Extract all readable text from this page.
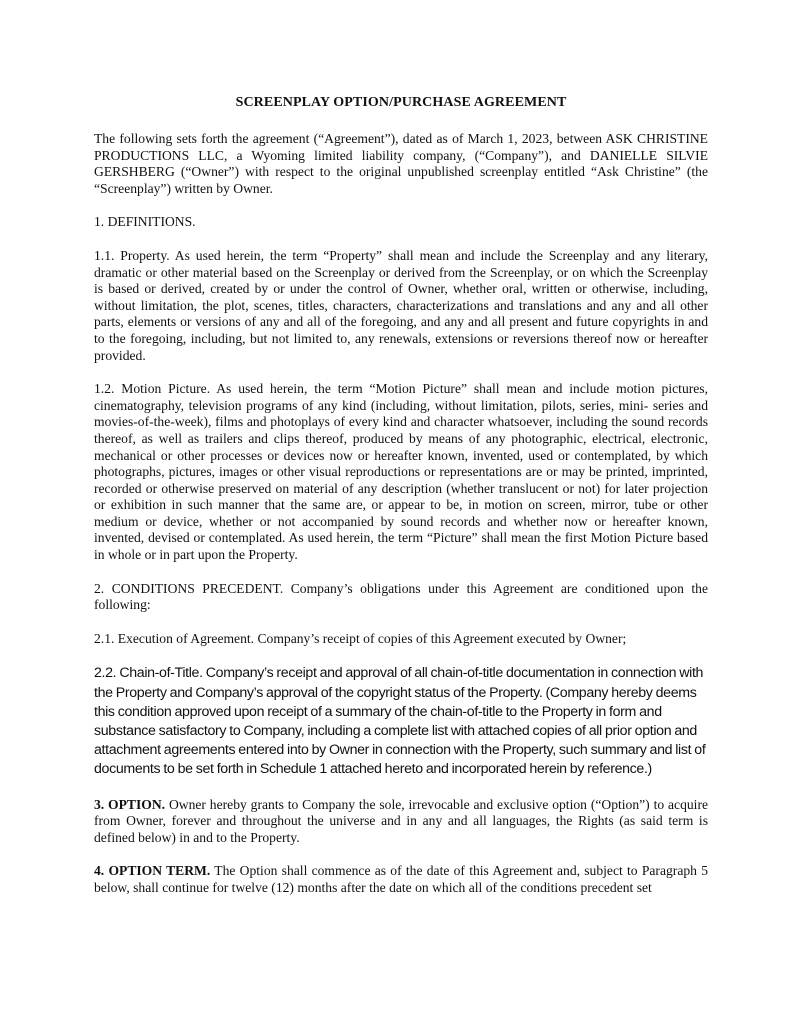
SCREENPLAY OPTION/PURCHASE AGREEMENT

The following sets forth the agreement (“Agreement”), dated as of March 1, 2023, between ASK CHRISTINE PRODUCTIONS LLC, a Wyoming limited liability company, (“Company”), and DANIELLE SILVIE GERSHBERG (“Owner”) with respect to the original unpublished screenplay entitled “Ask Christine” (the “Screenplay”) written by Owner.

1. DEFINITIONS.

1.1. Property. As used herein, the term “Property” shall mean and include the Screenplay and any literary, dramatic or other material based on the Screenplay or derived from the Screenplay, or on which the Screenplay is based or derived, created by or under the control of Owner, whether oral, written or otherwise, including, without limitation, the plot, scenes, titles, characters, characterizations and translations and any and all other parts, elements or versions of any and all of the foregoing, and any and all present and future copyrights in and to the foregoing, including, but not limited to, any renewals, extensions or reversions thereof now or hereafter provided.

1.2. Motion Picture. As used herein, the term “Motion Picture” shall mean and include motion pictures, cinematography, television programs of any kind (including, without limitation, pilots, series, mini- series and movies-of-the-week), films and photoplays of every kind and character whatsoever, including the sound records thereof, as well as trailers and clips thereof, produced by means of any photographic, electrical, electronic, mechanical or other processes or devices now or hereafter known, invented, used or contemplated, by which photographs, pictures, images or other visual reproductions or representations are or may be printed, imprinted, recorded or otherwise preserved on material of any description (whether translucent or not) for later projection or exhibition in such manner that the same are, or appear to be, in motion on screen, mirror, tube or other medium or device, whether or not accompanied by sound records and whether now or hereafter known, invented, devised or contemplated. As used herein, the term “Picture” shall mean the first Motion Picture based in whole or in part upon the Property.

2. CONDITIONS PRECEDENT. Company’s obligations under this Agreement are conditioned upon the following:

2.1. Execution of Agreement. Company’s receipt of copies of this Agreement executed by Owner;

2.2. Chain-of-Title. Company’s receipt and approval of all chain-of-title documentation in connection with the Property and Company’s approval of the copyright status of the Property. (Company hereby deems this condition approved upon receipt of a summary of the chain-of-title to the Property in form and substance satisfactory to Company, including a complete list with attached copies of all prior option and attachment agreements entered into by Owner in connection with the Property, such summary and list of documents to be set forth in Schedule 1 attached hereto and incorporated herein by reference.)

3. OPTION. Owner hereby grants to Company the sole, irrevocable and exclusive option (“Option”) to acquire from Owner, forever and throughout the universe and in any and all languages, the Rights (as said term is defined below) in and to the Property.

4. OPTION TERM. The Option shall commence as of the date of this Agreement and, subject to Paragraph 5 below, shall continue for twelve (12) months after the date on which all of the conditions precedent set
